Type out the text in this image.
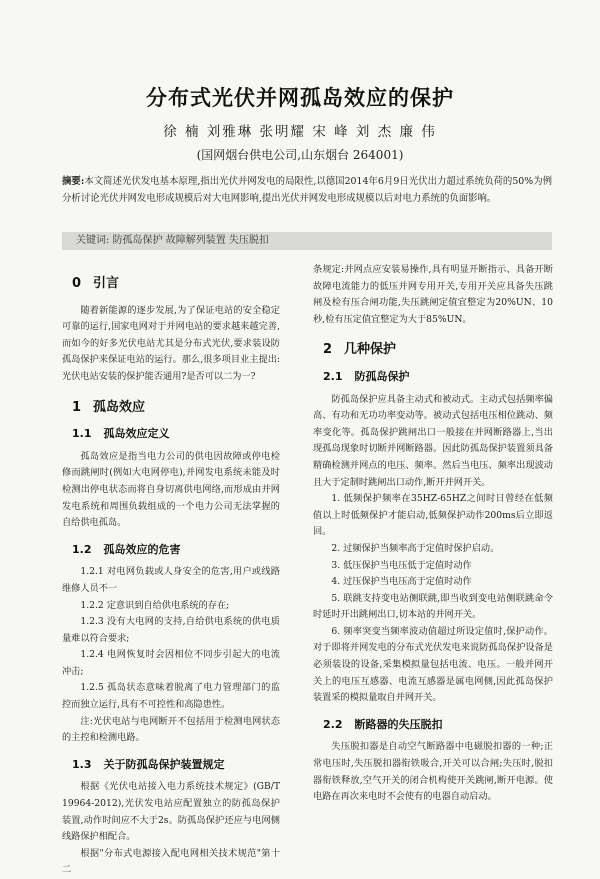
分布式光伏并网孤岛效应的保护
徐 楠 刘雅琳 张明耀 宋 峰 刘 杰 廉 伟
(国网烟台供电公司,山东烟台 264001)
摘要:本文简述光伏发电基本原理,指出光伏并网发电的局限性,以德国2014年6月9日光伏出力超过系统负荷的50%为例分析讨论光伏并网发电形成规模后对大电网影响,提出光伏并网发电形成规模以后对电力系统的负面影响。
关键词: 防孤岛保护 故障解列装置 失压脱扣
0 引言

随着新能源的逐步发展,为了保证电站的安全稳定可靠的运行,国家电网对于并网电站的要求越来越完善,而如今的好多光伏电站尤其是分布式光伏,要求装设防孤岛保护来保证电站的运行。那么,很多项目业主提出:光伏电站安装的保护能否通用?是否可以二为一?

1 孤岛效应
1.1 孤岛效应定义

孤岛效应是指当电力公司的供电因故障或停电检修而跳闸时(例如大电网停电),并网发电系统未能及时检测出停电状态而将自身切离供电网络,而形成由并网发电系统和周围负载组成的一个电力公司无法掌握的自给供电孤岛。

1.2 孤岛效应的危害

1.2.1 对电网负载或人身安全的危害,用户或线路维修人员不一

1.2.2 定意识到自给供电系统的存在;

1.2.3 没有大电网的支持,自给供电系统的供电质量难以符合要求;

1.2.4 电网恢复时会因相位不同步引起大的电流冲击;

1.2.5 孤岛状态意味着脱离了电力管理部门的监控而独立运行,具有不可控性和高隐患性。

注:光伏电站与电网断开不包括用于检测电网状态的主控和检测电路。

1.3 关于防孤岛保护装置规定

根据《光伏电站接入电力系统技术规定》(GB/T 19964-2012),光伏发电站应配置独立的防孤岛保护装置,动作时间应不大于2s。防孤岛保护还应与电网侧线路保护相配合。

根据"分布式电源接入配电网相关技术规范"第十二

条规定:并网点应安装易操作,具有明显开断指示、具备开断故障电流能力的低压并网专用开关,专用开关应具备失压跳闸及检有压合闸功能,失压跳闸定值宜整定为20%UN、10秒,检有压定值宜整定为大于85%UN。

2 几种保护
2.1 防孤岛保护

防孤岛保护应具备主动式和被动式。主动式包括频率偏高、有功和无功功率变动等。被动式包括电压相位跳动、频率变化等。孤岛保护跳闸出口一般接在并网断路器上,当出现孤岛现象时切断并网断路器。因此防孤岛保护装置须具备精确检测并网点的电压、频率。然后当电压、频率出现波动且大于定制时跳闸出口动作,断开并网开关。

1. 低频保护频率在35HZ-65HZ之间时日曾经在低频值以上时低频保护才能启动,低频保护动作200ms后立即返回。

2. 过频保护当频率高于定值时保护启动。

3. 低压保护当电压低于定值时动作

4. 过压保护当电压高于定值时动作

5. 联跳支持变电站侧联跳,即当收到变电站侧联跳命令时延时开出跳闸出口,切本站的并网开关。

6. 频率突变当频率波动值超过所设定值时,保护动作。对于即将并网发电的分布式光伏发电来说防孤岛保护设备是必须装设的设备,采集模拟量包括电流、电压。一般并网开关上的电压互感器、电流互感器是属电网侧,因此孤岛保护装置采的模拟量取自并网开关。

2.2 断路器的失压脱扣

失压脱扣器是自动空气断路器中电磁脱扣器的一种;正常电压时,失压脱扣器衔铁吸合,开关可以合闸;失压时,脱扣器衔铁释放,空气开关的闭合机构使开关跳闸,断开电源。使电路在再次来电时不会使有的电器自动启动。
